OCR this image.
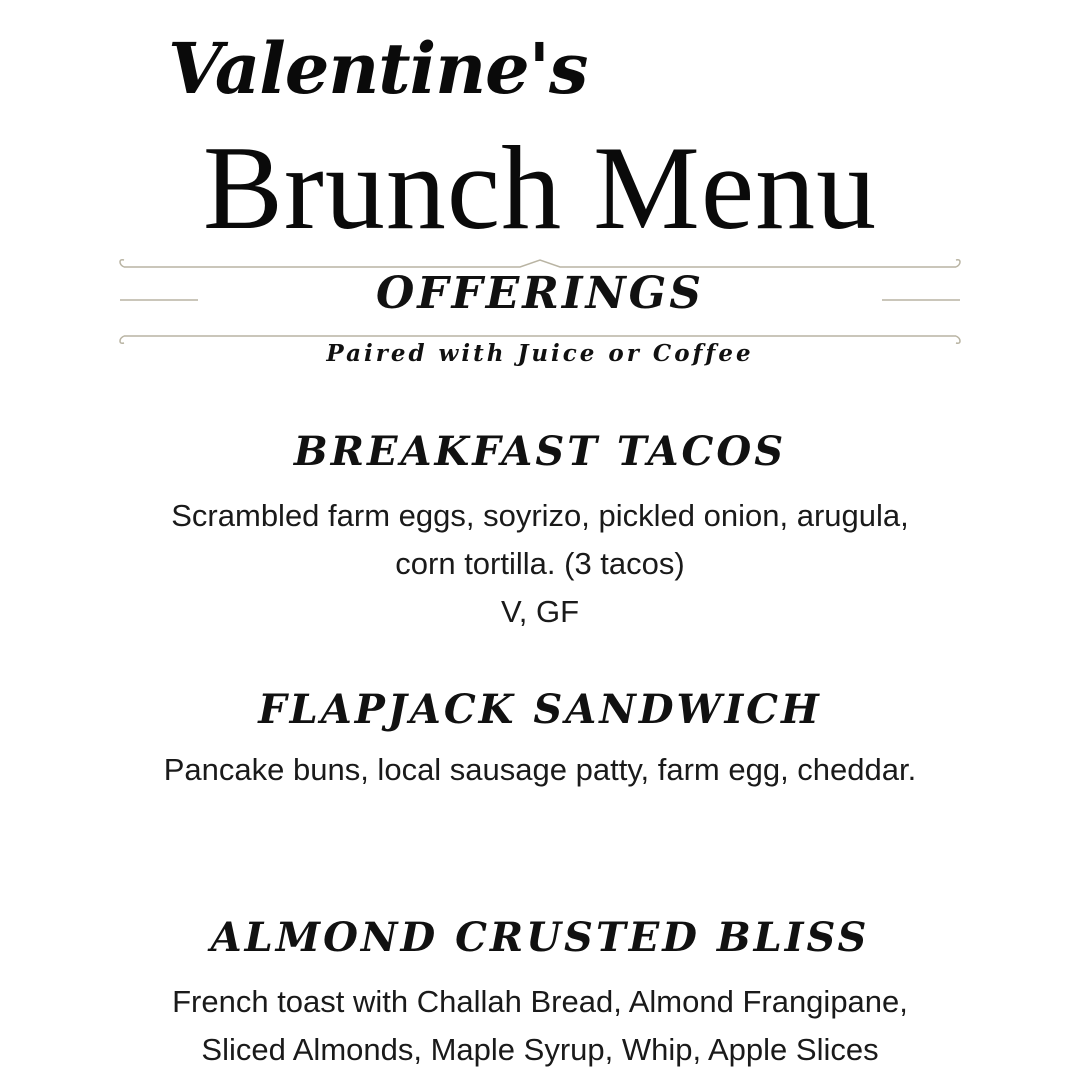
Valentine's
Brunch Menu
OFFERINGS
Paired with Juice or Coffee

BREAKFAST TACOS

Scrambled farm eggs, soyrizo, pickled onion, arugula,
corn tortilla. (3 tacos)
V, GF

FLAPJACK SANDWICH

Pancake buns, local sausage patty, farm egg, cheddar.

ALMOND CRUSTED BLISS

French toast with Challah Bread, Almond Frangipane,
Sliced Almonds, Maple Syrup, Whip, Apple Slices
